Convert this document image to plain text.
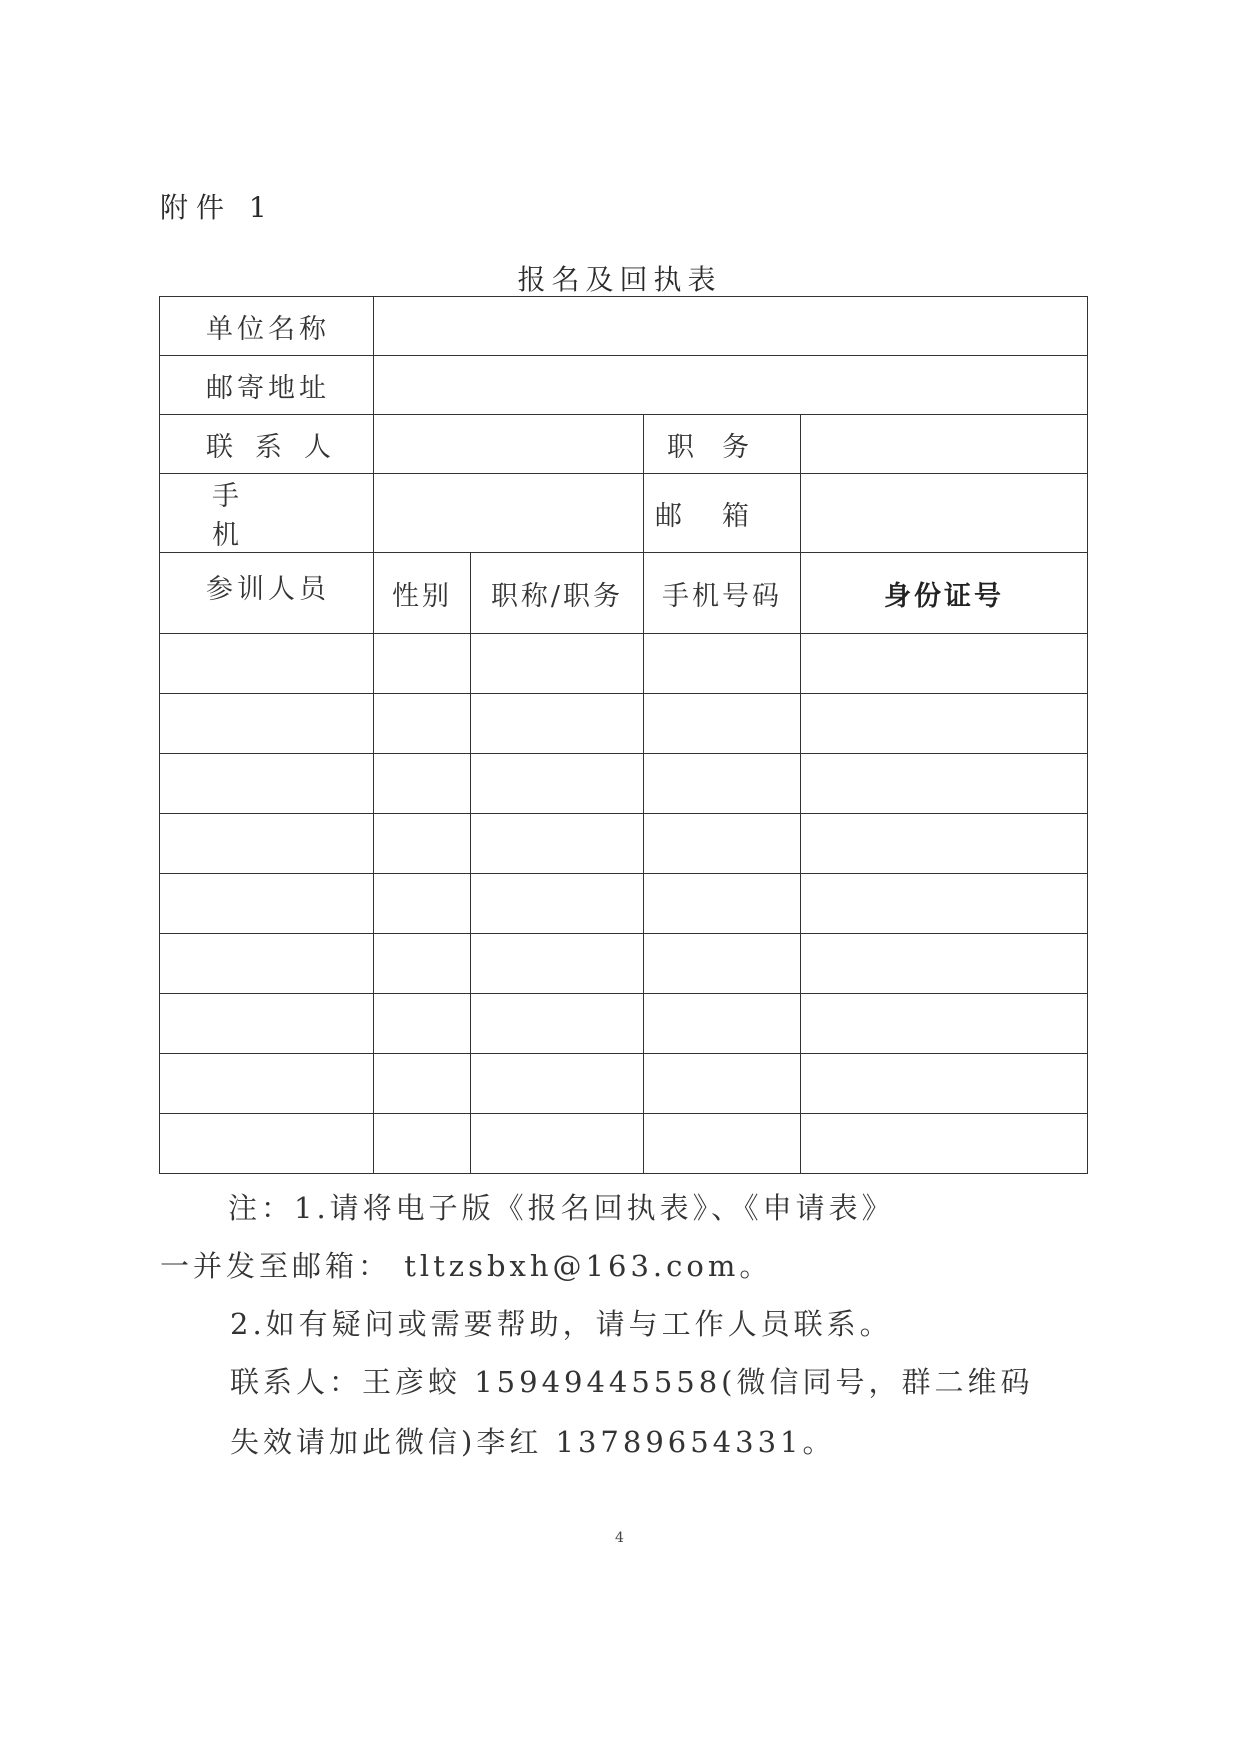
附件 1
报名及回执表
单位名称				
邮寄地址				
联系人			职务	
手机			邮箱	
参训人员	性别	职称/职务	手机号码	身份证号

注：1.请将电子版《报名回执表》、《申请表》
一并发至邮箱： tltzsbxh@163.com。
2.如有疑问或需要帮助，请与工作人员联系。
联系人：王彦蛟 15949445558(微信同号，群二维码
失效请加此微信)李红 13789654331。
4
